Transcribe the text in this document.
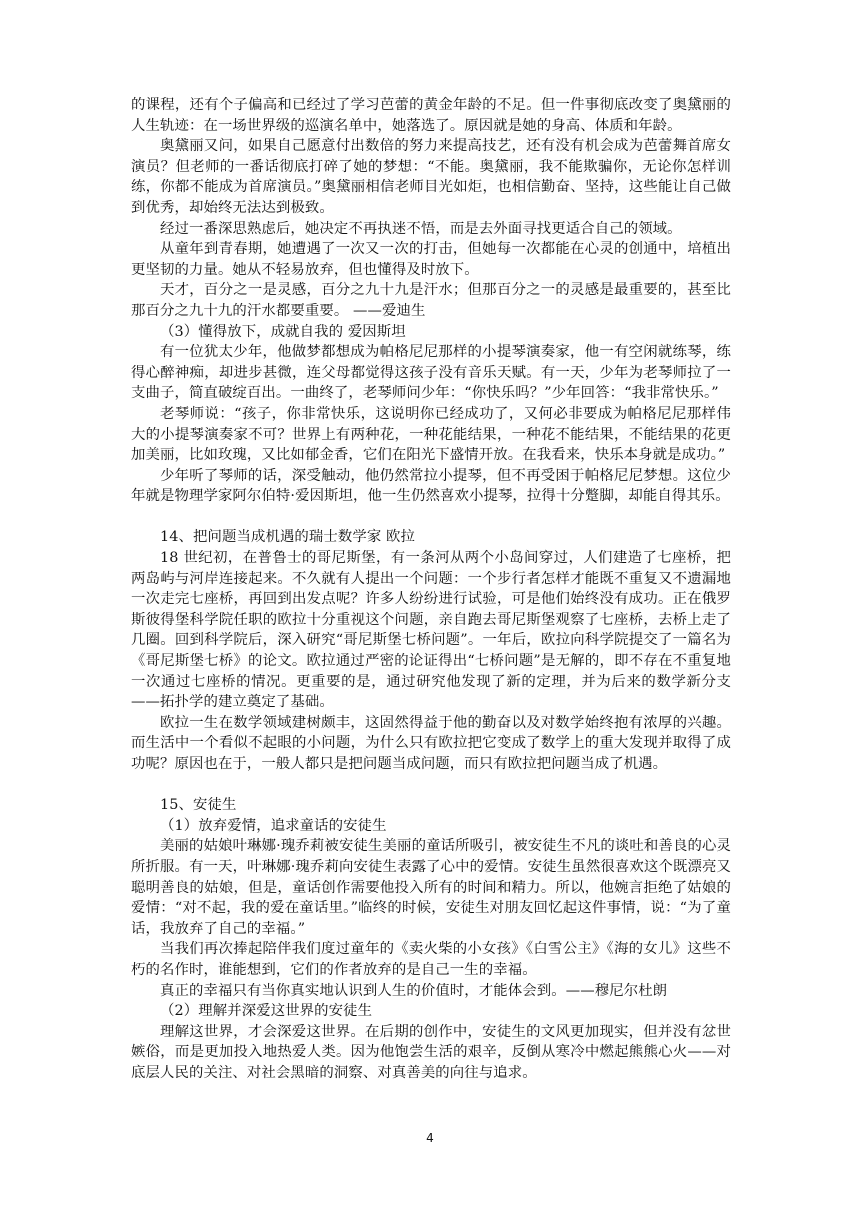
的课程，还有个子偏高和已经过了学习芭蕾的黄金年龄的不足。但一件事彻底改变了奥黛丽的人生轨迹：在一场世界级的巡演名单中，她落选了。原因就是她的身高、体质和年龄。

奥黛丽又问，如果自己愿意付出数倍的努力来提高技艺，还有没有机会成为芭蕾舞首席女演员？但老师的一番话彻底打碎了她的梦想：“不能。奥黛丽，我不能欺骗你，无论你怎样训练，你都不能成为首席演员。”奥黛丽相信老师目光如炬，也相信勤奋、坚持，这些能让自己做到优秀，却始终无法达到极致。

经过一番深思熟虑后，她决定不再执迷不悟，而是去外面寻找更适合自己的领域。

从童年到青春期，她遭遇了一次又一次的打击，但她每一次都能在心灵的创通中，培植出更坚韧的力量。她从不轻易放弃，但也懂得及时放下。

天才，百分之一是灵感，百分之九十九是汗水；但那百分之一的灵感是最重要的，甚至比那百分之九十九的汗水都要重要。 ——爱迪生

（3）懂得放下，成就自我的 爱因斯坦

有一位犹太少年，他做梦都想成为帕格尼尼那样的小提琴演奏家，他一有空闲就练琴，练得心醉神痴，却进步甚微，连父母都觉得这孩子没有音乐天赋。有一天，少年为老琴师拉了一支曲子，简直破绽百出。一曲终了，老琴师问少年：“你快乐吗？”少年回答：“我非常快乐。”

老琴师说：“孩子，你非常快乐，这说明你已经成功了，又何必非要成为帕格尼尼那样伟大的小提琴演奏家不可？世界上有两种花，一种花能结果，一种花不能结果，不能结果的花更加美丽，比如玫瑰，又比如郁金香，它们在阳光下盛情开放。在我看来，快乐本身就是成功。”

少年听了琴师的话，深受触动，他仍然常拉小提琴，但不再受困于帕格尼尼梦想。这位少年就是物理学家阿尔伯特·爱因斯坦，他一生仍然喜欢小提琴，拉得十分蹩脚，却能自得其乐。

14、把问题当成机遇的瑞士数学家 欧拉

18 世纪初，在普鲁士的哥尼斯堡，有一条河从两个小岛间穿过，人们建造了七座桥，把两岛屿与河岸连接起来。不久就有人提出一个问题：一个步行者怎样才能既不重复又不遗漏地一次走完七座桥，再回到出发点呢？许多人纷纷进行试验，可是他们始终没有成功。正在俄罗斯彼得堡科学院任职的欧拉十分重视这个问题，亲自跑去哥尼斯堡观察了七座桥，去桥上走了几圈。回到科学院后，深入研究“哥尼斯堡七桥问题”。一年后，欧拉向科学院提交了一篇名为《哥尼斯堡七桥》的论文。欧拉通过严密的论证得出“七桥问题”是无解的，即不存在不重复地一次通过七座桥的情况。更重要的是，通过研究他发现了新的定理，并为后来的数学新分支——拓扑学的建立奠定了基础。

欧拉一生在数学领域建树颇丰，这固然得益于他的勤奋以及对数学始终抱有浓厚的兴趣。而生活中一个看似不起眼的小问题，为什么只有欧拉把它变成了数学上的重大发现并取得了成功呢？原因也在于，一般人都只是把问题当成问题，而只有欧拉把问题当成了机遇。

15、安徒生

（1）放弃爱情，追求童话的安徒生

美丽的姑娘叶琳娜·瑰乔莉被安徒生美丽的童话所吸引，被安徒生不凡的谈吐和善良的心灵所折服。有一天，叶琳娜·瑰乔莉向安徒生表露了心中的爱情。安徒生虽然很喜欢这个既漂亮又聪明善良的姑娘，但是，童话创作需要他投入所有的时间和精力。所以，他婉言拒绝了姑娘的爱情：“对不起，我的爱在童话里。”临终的时候，安徒生对朋友回忆起这件事情，说：“为了童话，我放弃了自己的幸福。”

当我们再次捧起陪伴我们度过童年的《卖火柴的小女孩》《白雪公主》《海的女儿》这些不朽的名作时，谁能想到，它们的作者放弃的是自己一生的幸福。

真正的幸福只有当你真实地认识到人生的价值时，才能体会到。——穆尼尔杜朗

（2）理解并深爱这世界的安徒生

理解这世界，才会深爱这世界。在后期的创作中，安徒生的文风更加现实，但并没有忿世嫉俗，而是更加投入地热爱人类。因为他饱尝生活的艰辛，反倒从寒冷中燃起熊熊心火——对底层人民的关注、对社会黑暗的洞察、对真善美的向往与追求。

4
